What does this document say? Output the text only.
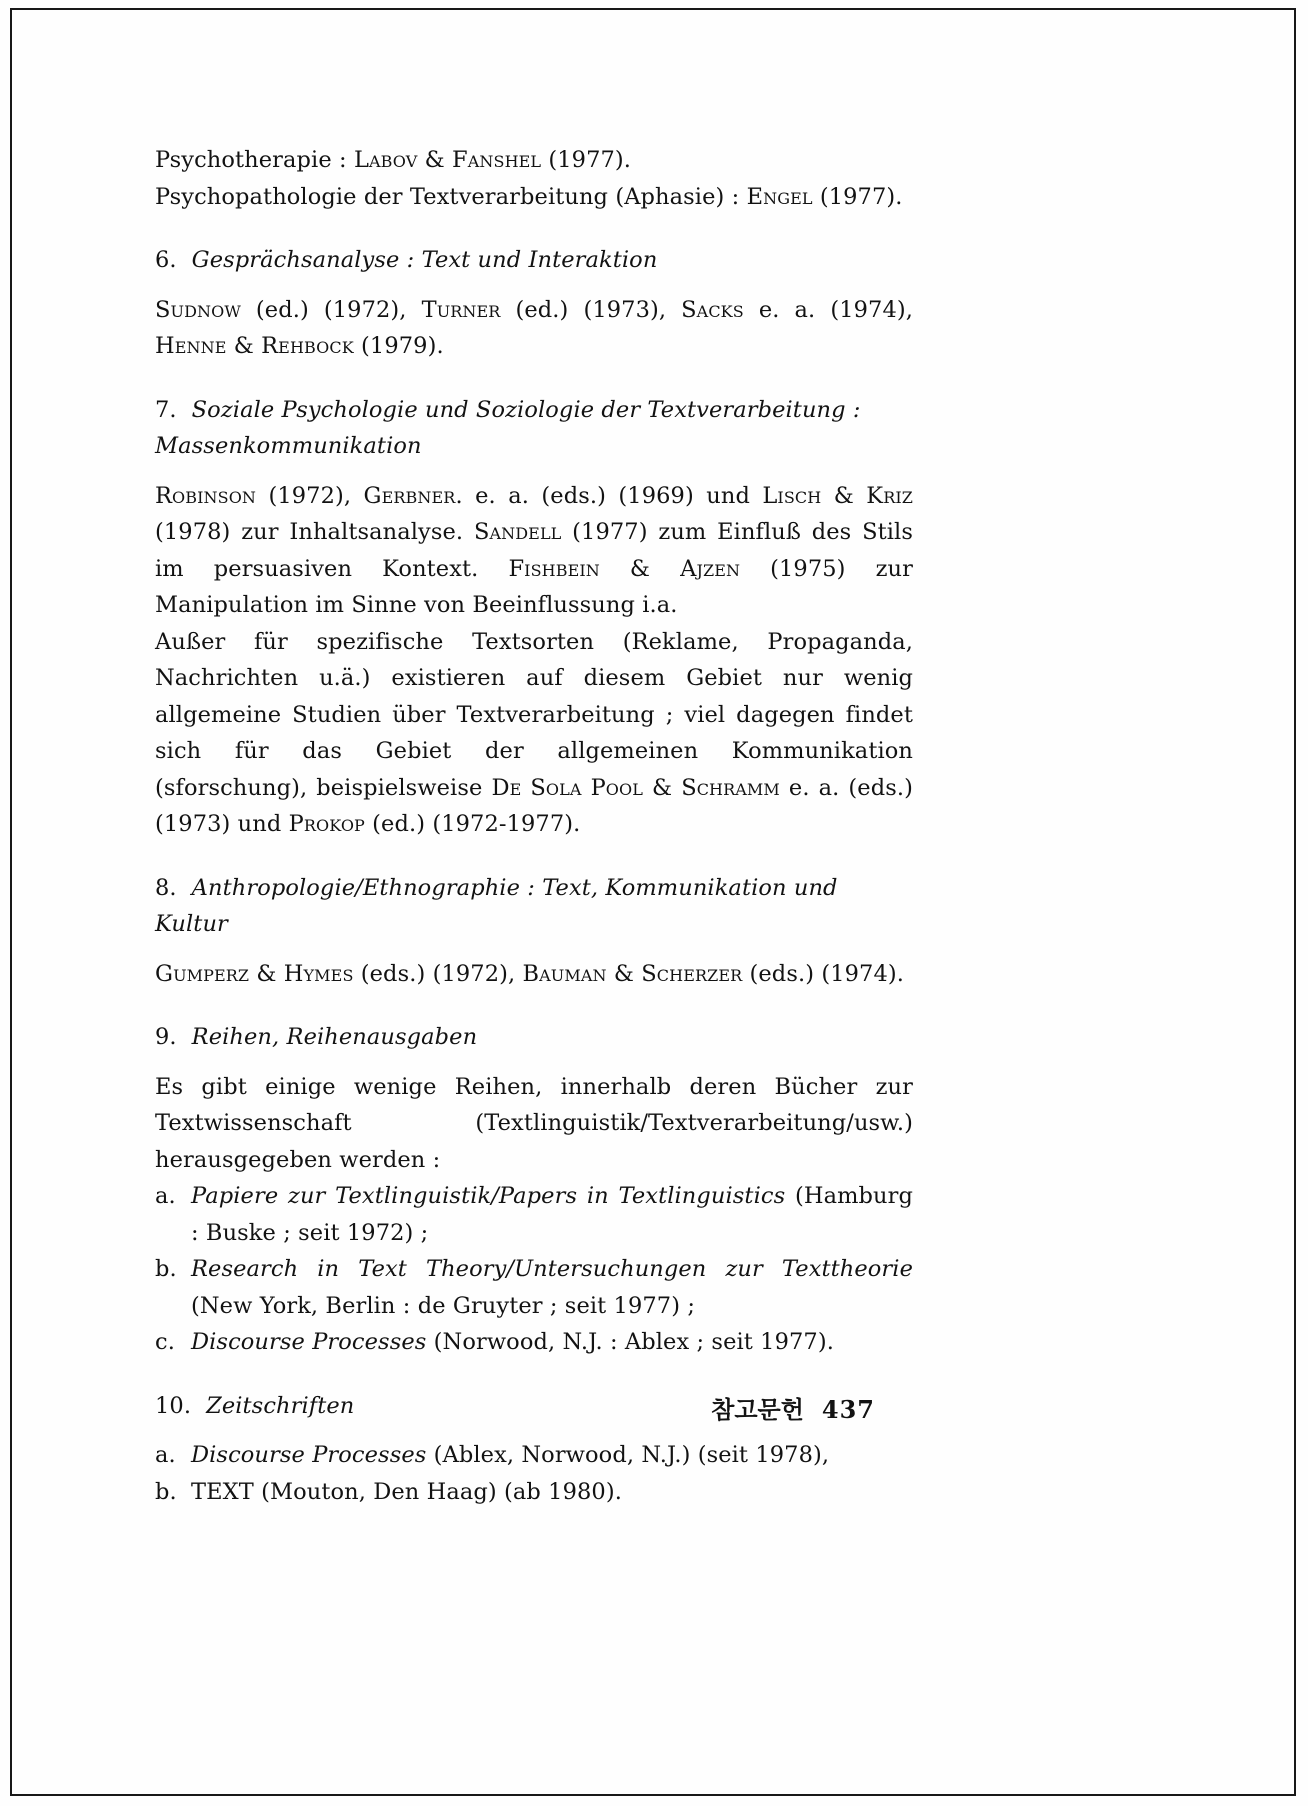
Psychotherapie : Labov & Fanshel (1977).
Psychopathologie der Textverarbeitung (Aphasie) : Engel (1977).
6. Gesprächsanalyse : Text und Interaktion
Sudnow (ed.) (1972), Turner (ed.) (1973), Sacks e. a. (1974), Henne & Rehbock (1979).
7. Soziale Psychologie und Soziologie der Textverarbeitung : Massenkommunikation
Robinson (1972), Gerbner. e. a. (eds.) (1969) und Lisch & Kriz (1978) zur Inhaltsanalyse. Sandell (1977) zum Einfluß des Stils im persuasiven Kontext. Fishbein & Ajzen (1975) zur Manipulation im Sinne von Beeinflussung i.a.
Außer für spezifische Textsorten (Reklame, Propaganda, Nachrichten u.ä.) existieren auf diesem Gebiet nur wenig allgemeine Studien über Textverarbeitung ; viel dagegen findet sich für das Gebiet der allgemeinen Kommunikation (sforschung), beispielsweise De Sola Pool & Schramm e. a. (eds.) (1973) und Prokop (ed.) (1972-1977).
8. Anthropologie/Ethnographie : Text, Kommunikation und Kultur
Gumperz & Hymes (eds.) (1972), Bauman & Scherzer (eds.) (1974).
9. Reihen, Reihenausgaben
Es gibt einige wenige Reihen, innerhalb deren Bücher zur Textwissenschaft (Textlinguistik/Textverarbeitung/usw.) herausgegeben werden :
a. Papiere zur Textlinguistik/Papers in Textlinguistics (Hamburg : Buske ; seit 1972) ;
b. Research in Text Theory/Untersuchungen zur Texttheorie (New York, Berlin : de Gruyter ; seit 1977) ;
c. Discourse Processes (Norwood, N.J. : Ablex ; seit 1977).
10. Zeitschriften
a. Discourse Processes (Ablex, Norwood, N.J.) (seit 1978),
b. TEXT (Mouton, Den Haag) (ab 1980).
참고문헌 437
